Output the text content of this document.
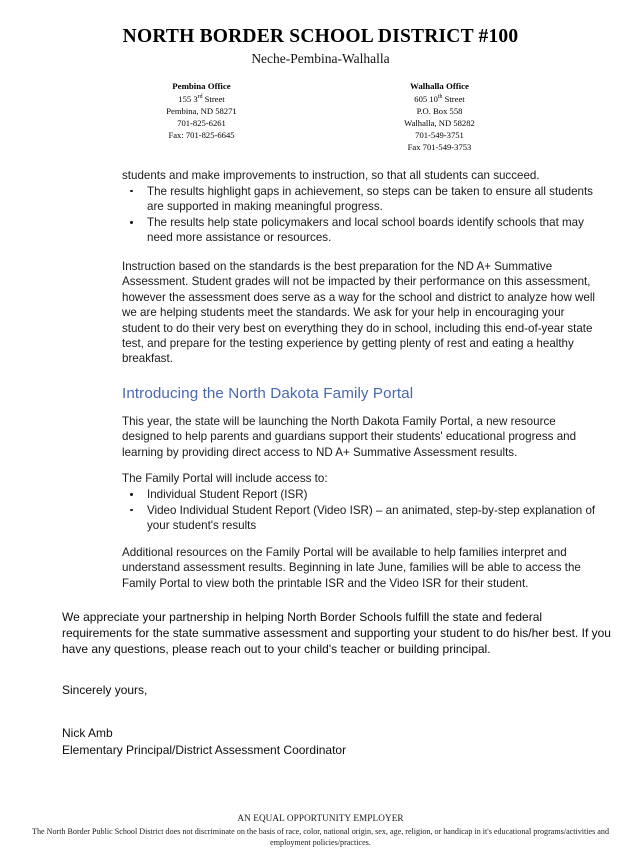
NORTH BORDER SCHOOL DISTRICT #100
Neche-Pembina-Walhalla
Pembina Office
155 3rd Street
Pembina, ND 58271
701-825-6261
Fax: 701-825-6645
Walhalla Office
605 10th Street
P.O. Box 558
Walhalla, ND 58282
701-549-3751
Fax 701-549-3753
students and make improvements to instruction, so that all students can succeed.
The results highlight gaps in achievement, so steps can be taken to ensure all students are supported in making meaningful progress.
The results help state policymakers and local school boards identify schools that may need more assistance or resources.

Instruction based on the standards is the best preparation for the ND A+ Summative Assessment. Student grades will not be impacted by their performance on this assessment, however the assessment does serve as a way for the school and district to analyze how well we are helping students meet the standards. We ask for your help in encouraging your student to do their very best on everything they do in school, including this end-of-year state test, and prepare for the testing experience by getting plenty of rest and eating a healthy breakfast.

Introducing the North Dakota Family Portal

This year, the state will be launching the North Dakota Family Portal, a new resource designed to help parents and guardians support their students' educational progress and learning by providing direct access to ND A+ Summative Assessment results.

The Family Portal will include access to:
Individual Student Report (ISR)
Video Individual Student Report (Video ISR) – an animated, step-by-step explanation of your student's results

Additional resources on the Family Portal will be available to help families interpret and understand assessment results. Beginning in late June, families will be able to access the Family Portal to view both the printable ISR and the Video ISR for their student.

We appreciate your partnership in helping North Border Schools fulfill the state and federal requirements for the state summative assessment and supporting your student to do his/her best. If you have any questions, please reach out to your child's teacher or building principal.

Sincerely yours,
Nick Amb
Elementary Principal/District Assessment Coordinator
AN EQUAL OPPORTUNITY EMPLOYER
The North Border Public School District does not discriminate on the basis of race, color, national origin, sex, age, religion, or handicap in it's educational programs/activities and employment policies/practices.
